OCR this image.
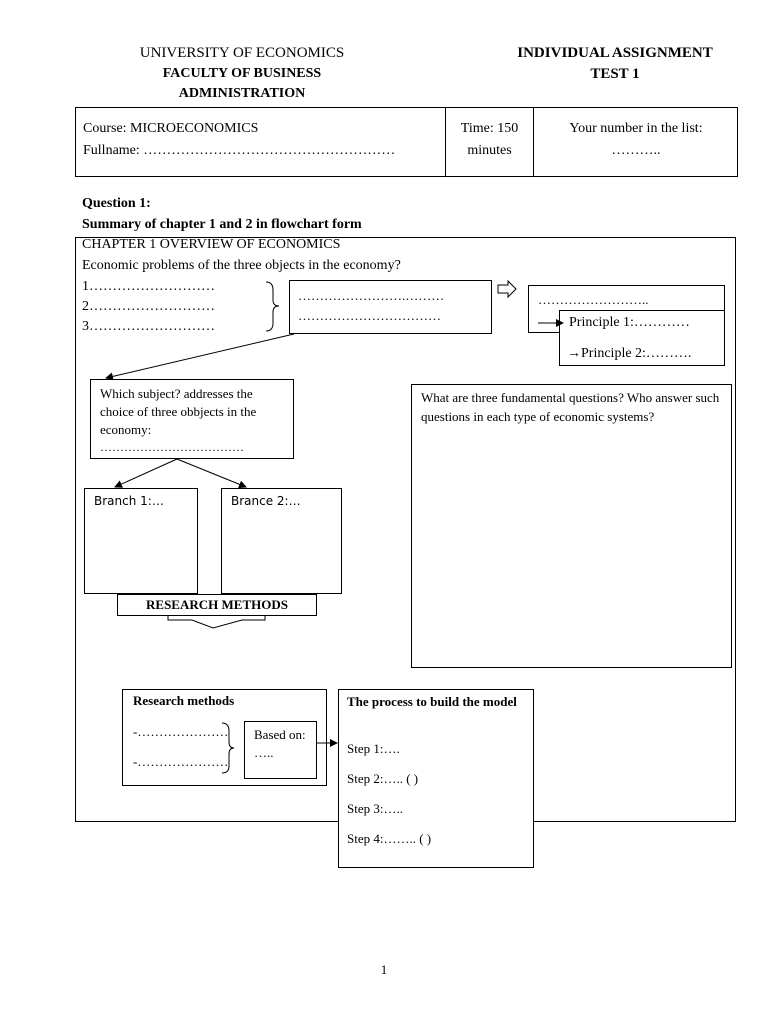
UNIVERSITY OF ECONOMICS
FACULTY OF BUSINESS
ADMINISTRATION
INDIVIDUAL ASSIGNMENT
TEST 1
Course: MICROECONOMICS
Fullname: ………………………………………………
Time: 150
minutes
Your number in the list:
………..
Question 1:
Summary of chapter 1 and 2 in flowchart form
CHAPTER 1 OVERVIEW OF ECONOMICS
Economic problems of the three objects in the economy?
1………………………
2………………………
3………………………
…………………….………
……………………………
……………………..
Principle 1:…………
→Principle 2:……….
Which subject? addresses the choice of three obbjects in the economy:
………………………………
Branch 1:…	Brance 2:…
RESEARCH METHODS
What are three fundamental questions? Who answer such questions in each type of economic systems?
Research methods
-…………………
-…………………
Based on: …..
The process to build the model
Step 1:….
Step 2:….. ( )
Step 3:…..
Step 4:…….. ( )
1
